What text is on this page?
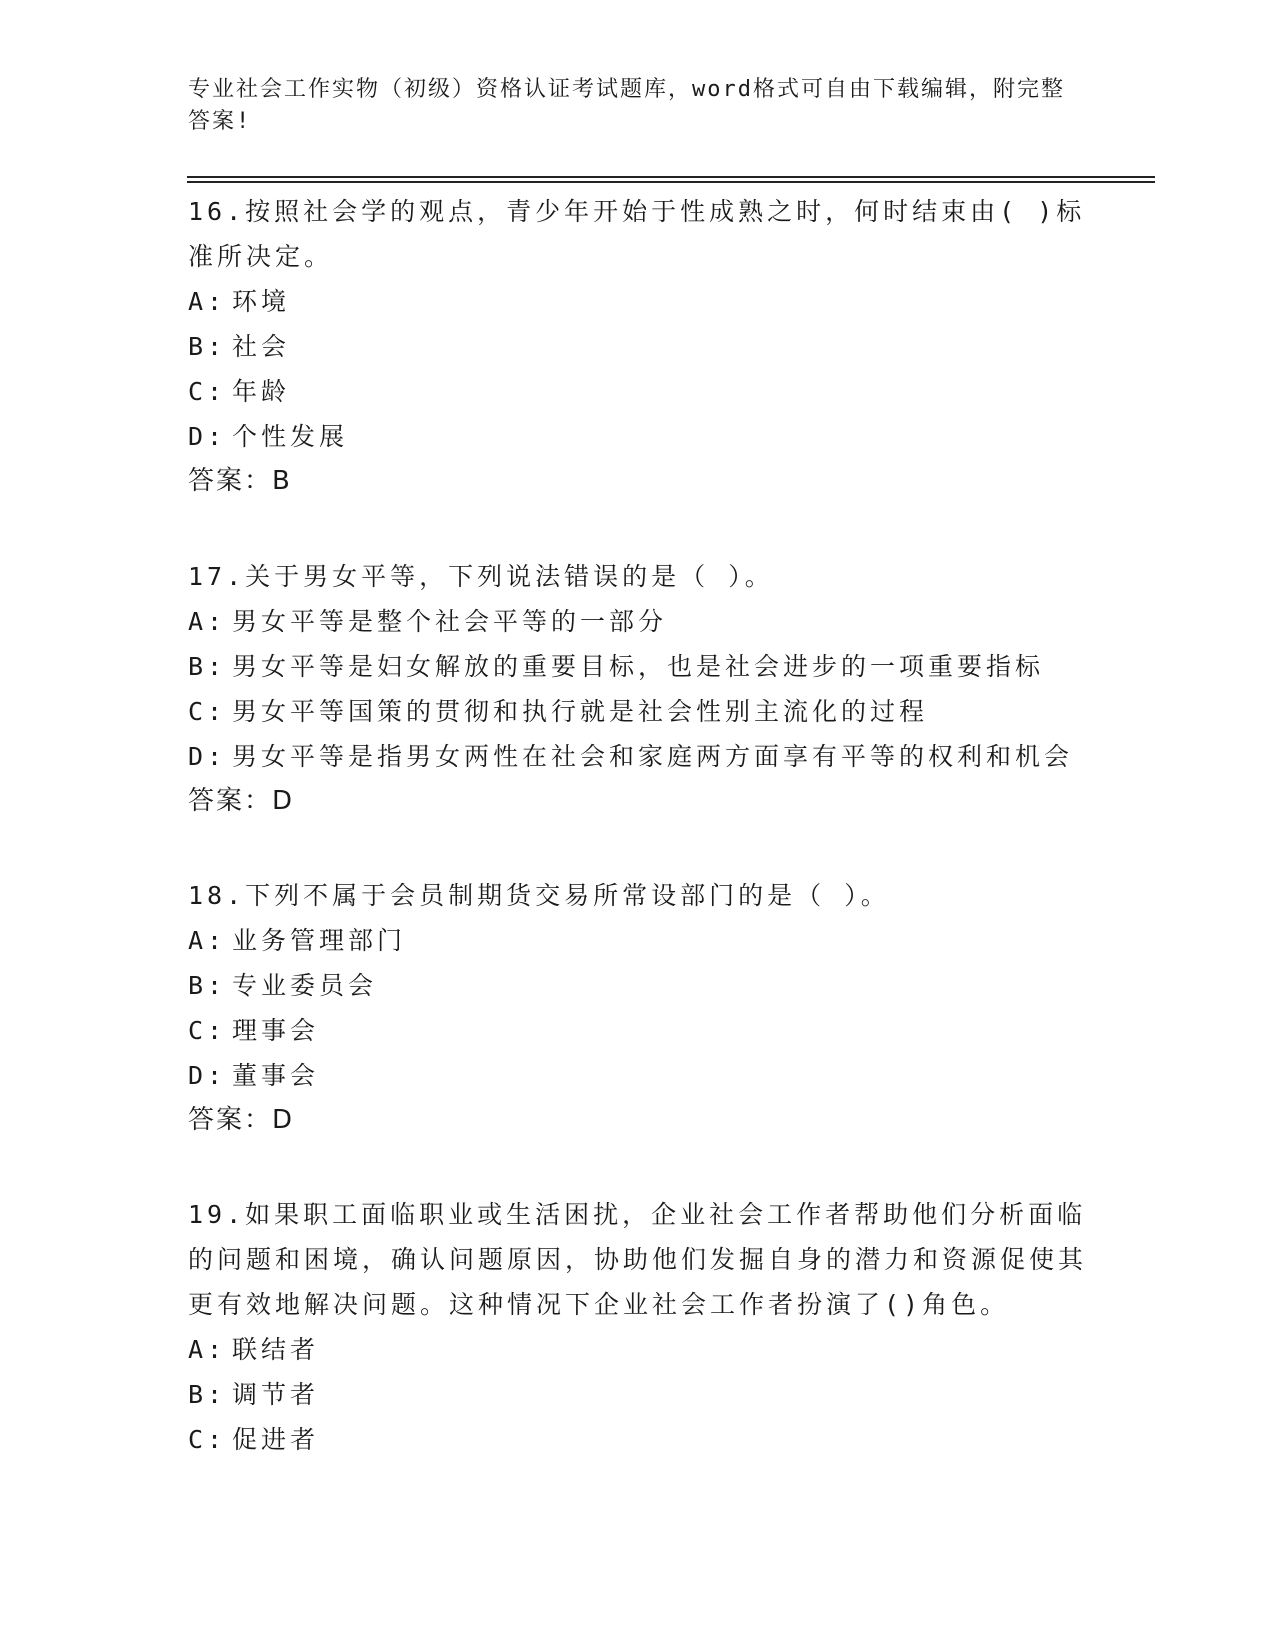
专业社会工作实物（初级）资格认证考试题库，word格式可自由下载编辑，附完整答案!

16.按照社会学的观点，青少年开始于性成熟之时，何时结束由( )标准所决定。

A: 环境

B: 社会

C: 年龄

D: 个性发展

答案：B

17.关于男女平等，下列说法错误的是（ ）。

A: 男女平等是整个社会平等的一部分

B: 男女平等是妇女解放的重要目标，也是社会进步的一项重要指标

C: 男女平等国策的贯彻和执行就是社会性别主流化的过程

D: 男女平等是指男女两性在社会和家庭两方面享有平等的权利和机会

答案：D

18.下列不属于会员制期货交易所常设部门的是（ ）。

A: 业务管理部门

B: 专业委员会

C: 理事会

D: 董事会

答案：D

19.如果职工面临职业或生活困扰，企业社会工作者帮助他们分析面临的问题和困境，确认问题原因，协助他们发掘自身的潜力和资源促使其更有效地解决问题。这种情况下企业社会工作者扮演了()角色。

A: 联结者

B: 调节者

C: 促进者
